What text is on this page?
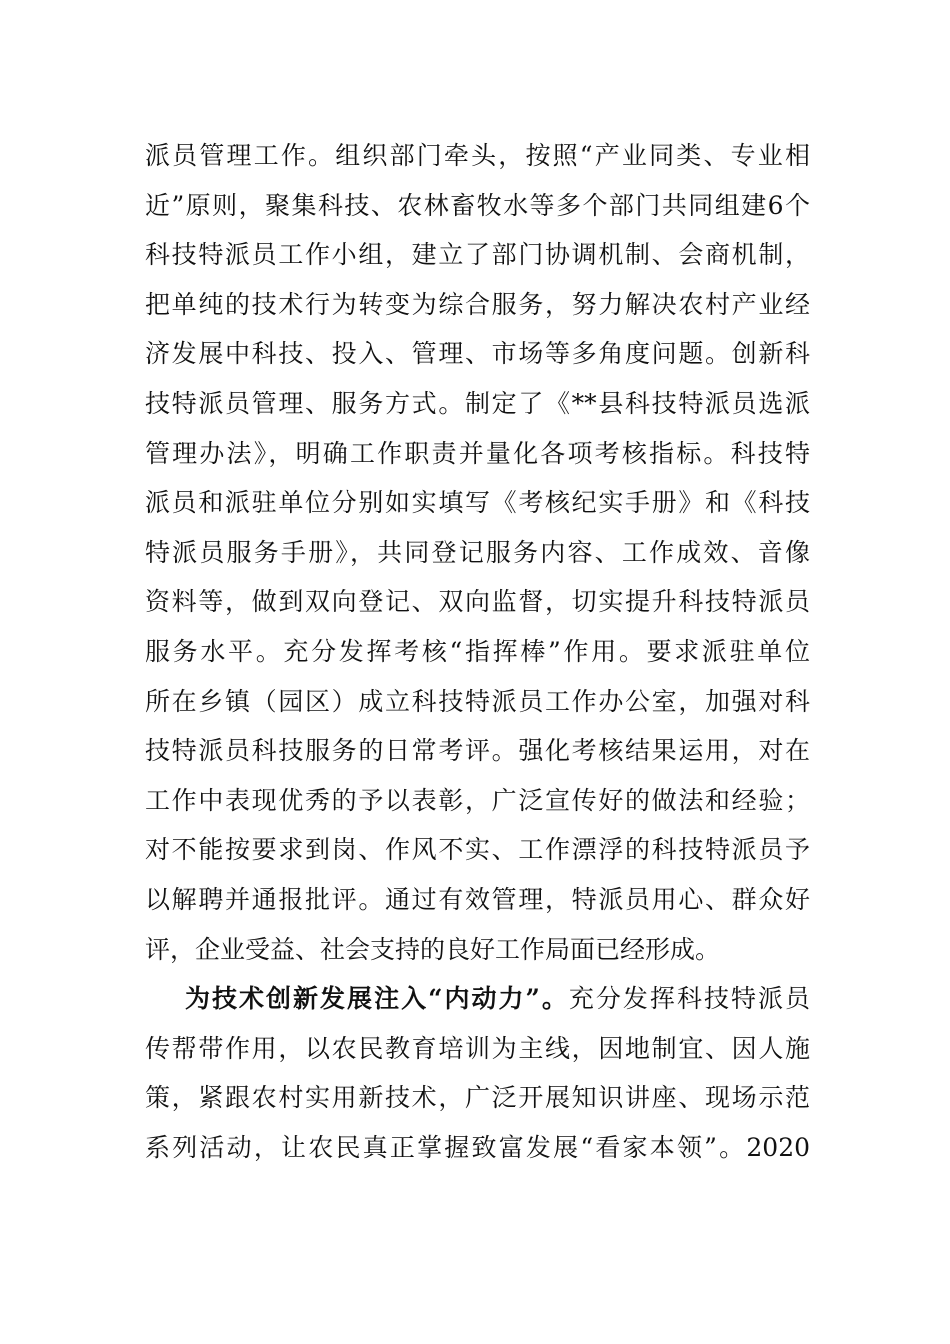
派员管理工作。组织部门牵头，按照“产业同类、专业相
近”原则，聚集科技、农林畜牧水等多个部门共同组建6个
科技特派员工作小组，建立了部门协调机制、会商机制，
把单纯的技术行为转变为综合服务，努力解决农村产业经
济发展中科技、投入、管理、市场等多角度问题。创新科
技特派员管理、服务方式。制定了《**县科技特派员选派
管理办法》，明确工作职责并量化各项考核指标。科技特
派员和派驻单位分别如实填写《考核纪实手册》和《科技
特派员服务手册》，共同登记服务内容、工作成效、音像
资料等，做到双向登记、双向监督，切实提升科技特派员
服务水平。充分发挥考核“指挥棒”作用。要求派驻单位
所在乡镇（园区）成立科技特派员工作办公室，加强对科
技特派员科技服务的日常考评。强化考核结果运用，对在
工作中表现优秀的予以表彰，广泛宣传好的做法和经验；
对不能按要求到岗、作风不实、工作漂浮的科技特派员予
以解聘并通报批评。通过有效管理，特派员用心、群众好
评，企业受益、社会支持的良好工作局面已经形成。
为技术创新发展注入“内动力”。充分发挥科技特派员
传帮带作用，以农民教育培训为主线，因地制宜、因人施
策，紧跟农村实用新技术，广泛开展知识讲座、现场示范
系列活动，让农民真正掌握致富发展“看家本领”。2020
